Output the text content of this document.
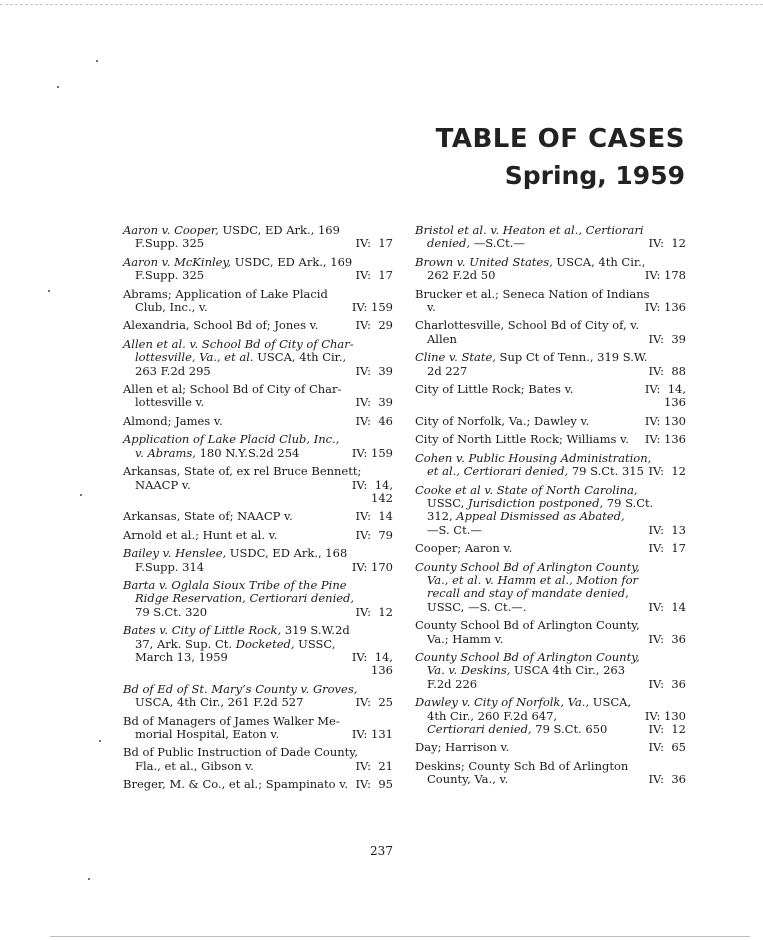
TABLE OF CASES
Spring, 1959
Aaron v. Cooper, USDC, ED Ark., 169
F.Supp. 325	IV:  17
Aaron v. McKinley, USDC, ED Ark., 169
F.Supp. 325	IV:  17
Abrams; Application of Lake Placid
Club, Inc., v.	IV: 159
Alexandria, School Bd of; Jones v.	IV:  29
Allen et al. v. School Bd of City of Char-
lottesville, Va., et al. USCA, 4th Cir.,
263 F.2d 295	IV:  39
Allen et al; School Bd of City of Char-
lottesville v.	IV:  39
Almond; James v.	IV:  46
Application of Lake Placid Club, Inc.,
v. Abrams, 180 N.Y.S.2d 254	IV: 159
Arkansas, State of, ex rel Bruce Bennett;
NAACP v.	IV:  14,
142
Arkansas, State of; NAACP v.	IV:  14
Arnold et al.; Hunt et al. v.	IV:  79
Bailey v. Henslee, USDC, ED Ark., 168
F.Supp. 314	IV: 170
Barta v. Oglala Sioux Tribe of the Pine
Ridge Reservation, Certiorari denied,
79 S.Ct. 320	IV:  12
Bates v. City of Little Rock, 319 S.W.2d
37, Ark. Sup. Ct. Docketed, USSC,
March 13, 1959	IV:  14,
136
Bd of Ed of St. Mary’s County v. Groves,
USCA, 4th Cir., 261 F.2d 527	IV:  25
Bd of Managers of James Walker Me-
morial Hospital, Eaton v.	IV: 131
Bd of Public Instruction of Dade County,
Fla., et al., Gibson v.	IV:  21
Breger, M. & Co., et al.; Spampinato v. IV:  95
Bristol et al. v. Heaton et al., Certiorari
denied, —S.Ct.—	IV:  12
Brown v. United States, USCA, 4th Cir.,
262 F.2d 50	IV: 178
Brucker et al.; Seneca Nation of Indians
v.	IV: 136
Charlottesville, School Bd of City of, v.
Allen	IV:  39
Cline v. State, Sup Ct of Tenn., 319 S.W.
2d 227	IV:  88
City of Little Rock; Bates v.	IV:  14,
136
City of Norfolk, Va.; Dawley v.	IV: 130
City of North Little Rock; Williams v. IV: 136
Cohen v. Public Housing Administration,
et al., Certiorari denied, 79 S.Ct. 315 IV:  12
Cooke et al v. State of North Carolina,
USSC, Jurisdiction postponed, 79 S.Ct.
312, Appeal Dismissed as Abated,
—S. Ct.—	IV:  13
Cooper; Aaron v.	IV:  17
County School Bd of Arlington County,
Va., et al. v. Hamm et al., Motion for
recall and stay of mandate denied,
USSC, —S. Ct.—.	IV:  14
County School Bd of Arlington County,
Va.; Hamm v.	IV:  36
County School Bd of Arlington County,
Va. v. Deskins, USCA 4th Cir., 263
F.2d 226	IV:  36
Dawley v. City of Norfolk, Va., USCA,
4th Cir., 260 F.2d 647,	IV: 130
Certiorari denied, 79 S.Ct. 650	IV:  12
Day; Harrison v.	IV:  65
Deskins; County Sch Bd of Arlington
County, Va., v.	IV:  36
237
